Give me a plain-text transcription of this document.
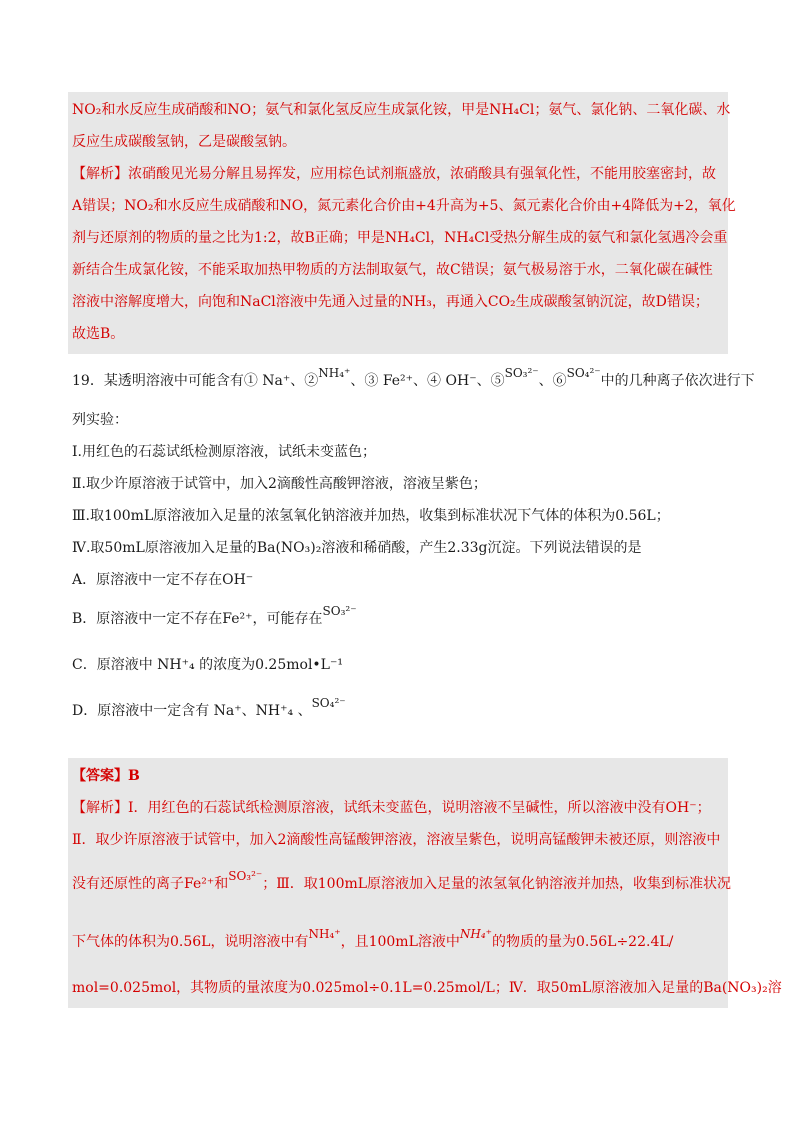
NO₂和水反应生成硝酸和NO；氨气和氯化氢反应生成氯化铵，甲是NH₄Cl；氨气、氯化钠、二氧化碳、水
反应生成碳酸氢钠，乙是碳酸氢钠。
【解析】浓硝酸见光易分解且易挥发，应用棕色试剂瓶盛放，浓硝酸具有强氧化性，不能用胶塞密封，故
A错误；NO₂和水反应生成硝酸和NO，氮元素化合价由+4升高为+5、氮元素化合价由+4降低为+2，氧化
剂与还原剂的物质的量之比为1:2，故B正确；甲是NH₄Cl，NH₄Cl受热分解生成的氨气和氯化氢遇冷会重
新结合生成氯化铵，不能采取加热甲物质的方法制取氨气，故C错误；氨气极易溶于水，二氧化碳在碱性
溶液中溶解度增大，向饱和NaCl溶液中先通入过量的NH₃，再通入CO₂生成碳酸氢钠沉淀，故D错误；
故选B。
19．某透明溶液中可能含有① Na⁺、②NH₄⁺、③ Fe²⁺、④ OH⁻、⑤SO₃²⁻、⑥SO₄²⁻中的几种离子依次进行下
列实验：
Ⅰ.用红色的石蕊试纸检测原溶液，试纸未变蓝色；
Ⅱ.取少许原溶液于试管中，加入2滴酸性高酸钾溶液，溶液呈紫色；
Ⅲ.取100mL原溶液加入足量的浓氢氧化钠溶液并加热，收集到标准状况下气体的体积为0.56L；
Ⅳ.取50mL原溶液加入足量的Ba(NO₃)₂溶液和稀硝酸，产生2.33g沉淀。下列说法错误的是
A．原溶液中一定不存在OH⁻
B．原溶液中一定不存在Fe²⁺，可能存在SO₃²⁻
C．原溶液中 NH⁺₄ 的浓度为0.25mol•L⁻¹
D．原溶液中一定含有 Na⁺、NH⁺₄ 、SO₄²⁻
【答案】B
【解析】Ⅰ．用红色的石蕊试纸检测原溶液，试纸未变蓝色，说明溶液不呈碱性，所以溶液中没有OH⁻；
Ⅱ．取少许原溶液于试管中，加入2滴酸性高锰酸钾溶液，溶液呈紫色，说明高锰酸钾未被还原，则溶液中
没有还原性的离子Fe²⁺和SO₃²⁻；Ⅲ．取100mL原溶液加入足量的浓氢氧化钠溶液并加热，收集到标准状况
下气体的体积为0.56L，说明溶液中有NH₄⁺，且100mL溶液中NH₄⁺的物质的量为0.56L÷22.4L/
mol=0.025mol，其物质的量浓度为0.025mol÷0.1L=0.25mol/L；Ⅳ．取50mL原溶液加入足量的Ba(NO₃)₂溶
